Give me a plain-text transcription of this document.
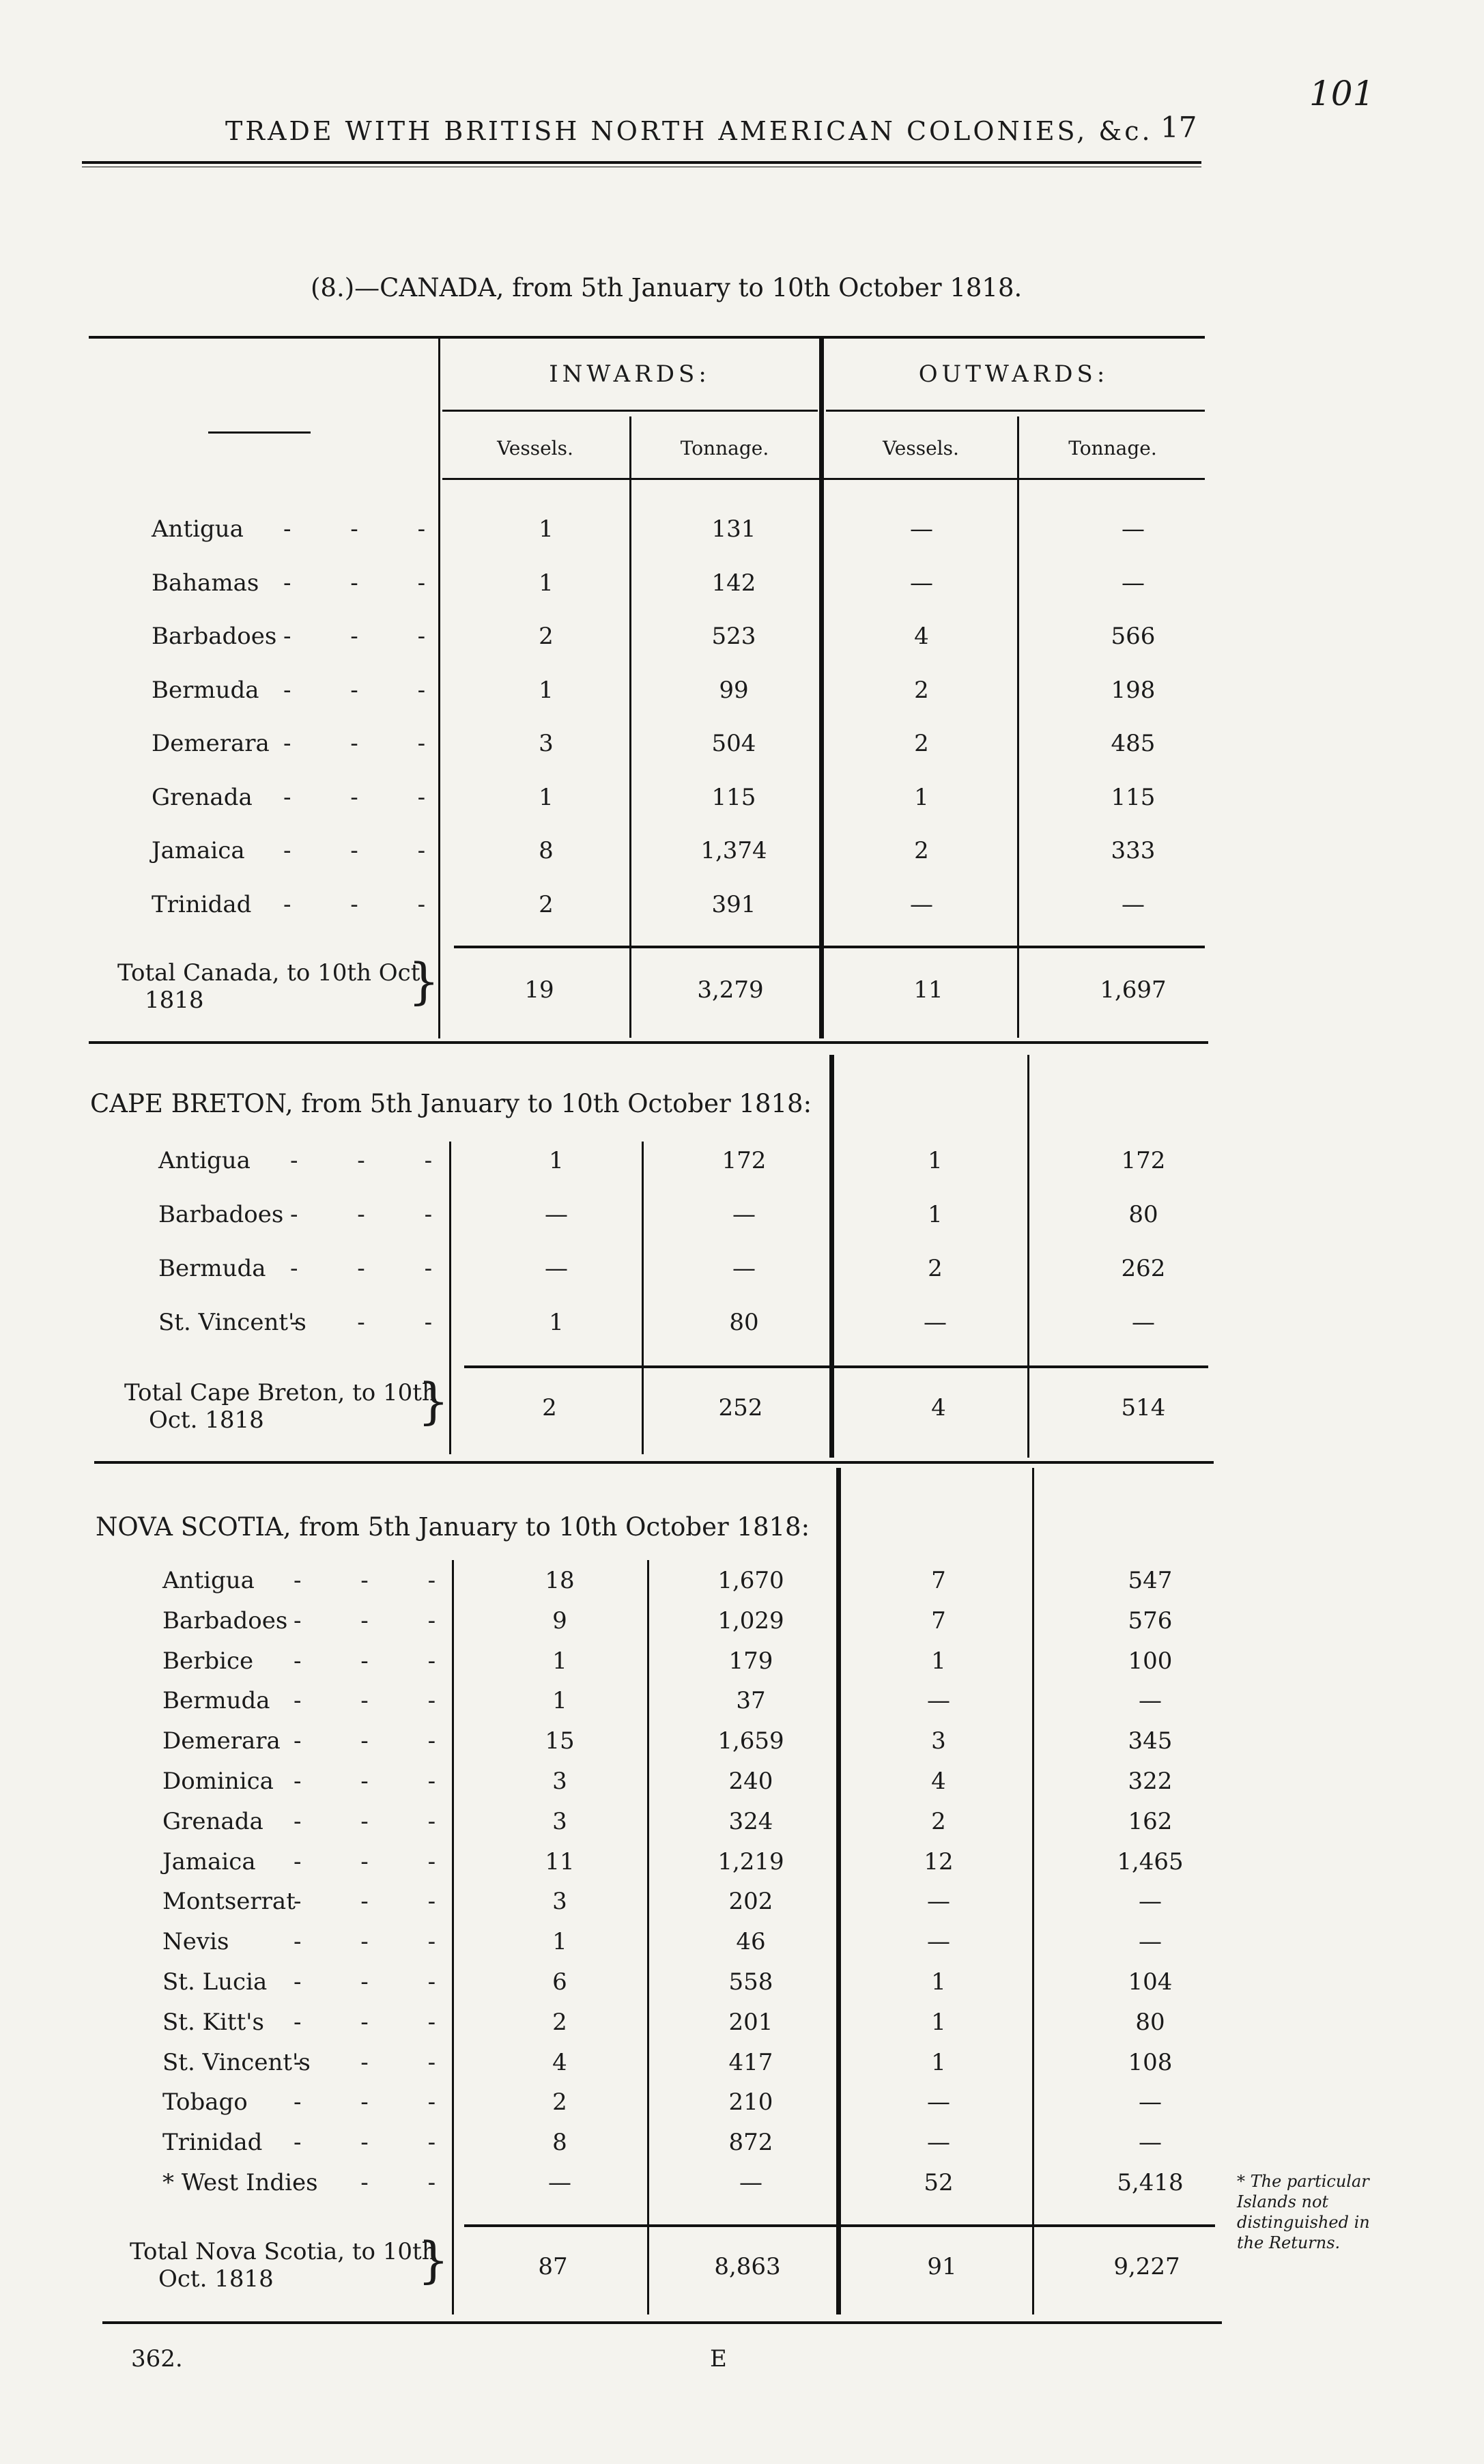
TRADE WITH BRITISH NORTH AMERICAN COLONIES, &c. 17
101
(8.)—CANADA, from 5th January to 10th October 1818.
INWARDS:	OUTWARDS:
Vessels.	Tonnage.	Vessels.	Tonnage.
Antigua	1	131	—	—
- - -
Bahamas	1	142	—	—
- - -
Barbadoes	2	523	4	566
- - -
Bermuda	1	99	2	198
- - -
Demerara	3	504	2	485
- - -
Grenada	1	115	1	115
- - -
Jamaica	8	1,374	2	333
- - -
Trinidad	2	391	—	—
- - -
Total Canada, to 10th Oct.
1818	}	19	3,279	11	1,697
CAPE BRETON, from 5th January to 10th October 1818:
Antigua	1	172	1	172
- - -
Barbadoes	—	—	1	80
- - -
Bermuda	—	—	2	262
- - -
St. Vincent's	1	80	—	—
- - -
Total Cape Breton, to 10th
Oct. 1818	}	2	252	4	514
NOVA SCOTIA, from 5th January to 10th October 1818:
Antigua	18	1,670	7	547
- - -
Barbadoes	9	1,029	7	576
- - -
Berbice	1	179	1	100
- - -
Bermuda	1	37	—	—
- - -
Demerara	15	1,659	3	345
- - -
Dominica	3	240	4	322
- - -
Grenada	3	324	2	162
- - -
Jamaica	11	1,219	12	1,465
- - -
Montserrat	3	202	—	—
- - -
Nevis	1	46	—	—
- - -
St. Lucia	6	558	1	104
- - -
St. Kitt's	2	201	1	80
- - -
St. Vincent's	4	417	1	108
- - -
Tobago	2	210	—	—
- - -
Trinidad	8	872	—	—
- - -
* West Indies	—	—	52	5,418
- - -	* The particular Islands not distinguished in the Returns.
Total Nova Scotia, to 10th
Oct. 1818	}	87	8,863	91	9,227
362.	E
